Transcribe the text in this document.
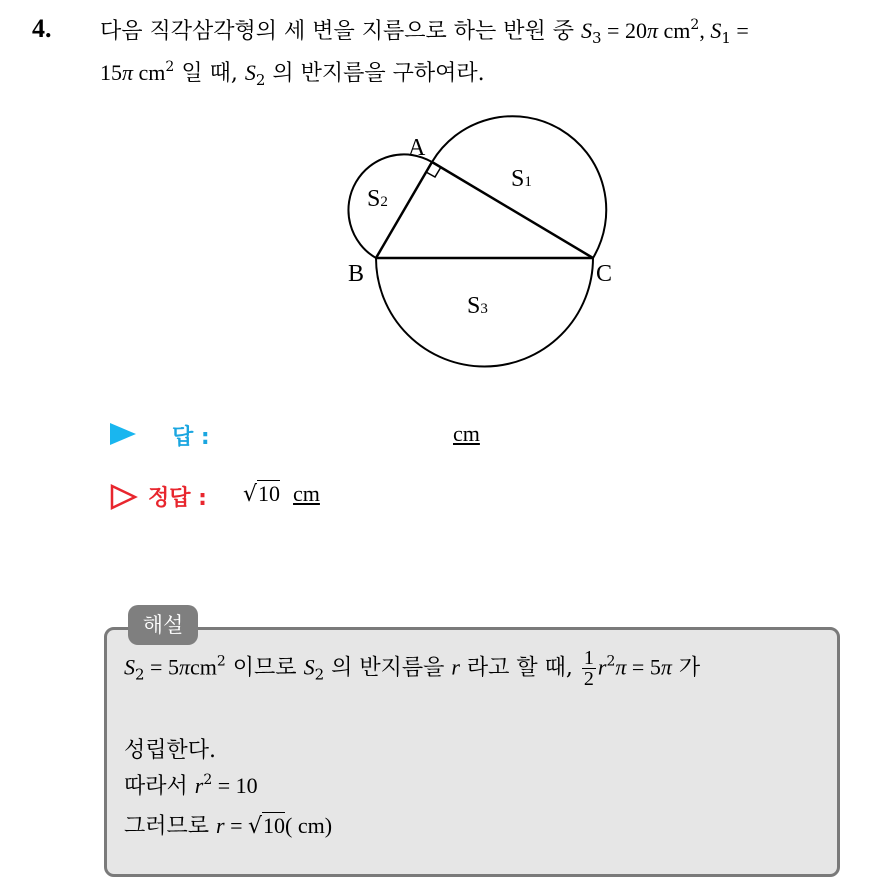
4. 다음 직각삼각형의 세 변을 지름으로 하는 반원 중 $S_3 = 20\pi$ $cm^2$, $S_1$ =
15π $cm^2$ 일 때, $S_2$ 의 반지름을 구하여라.
A
B	C
S1
S2
S3
답 :	cm
정답 : √10 cm
해설
$S_2 = 5\pi cm^2$ 이므로 $S_2$ 의 반지름을 r 라고 할 때, $\frac{1}{2} r^2\pi = 5\pi$ 가
성립한다.
따라서 $r^2 = 10$
그러므로 r = √10( cm)
